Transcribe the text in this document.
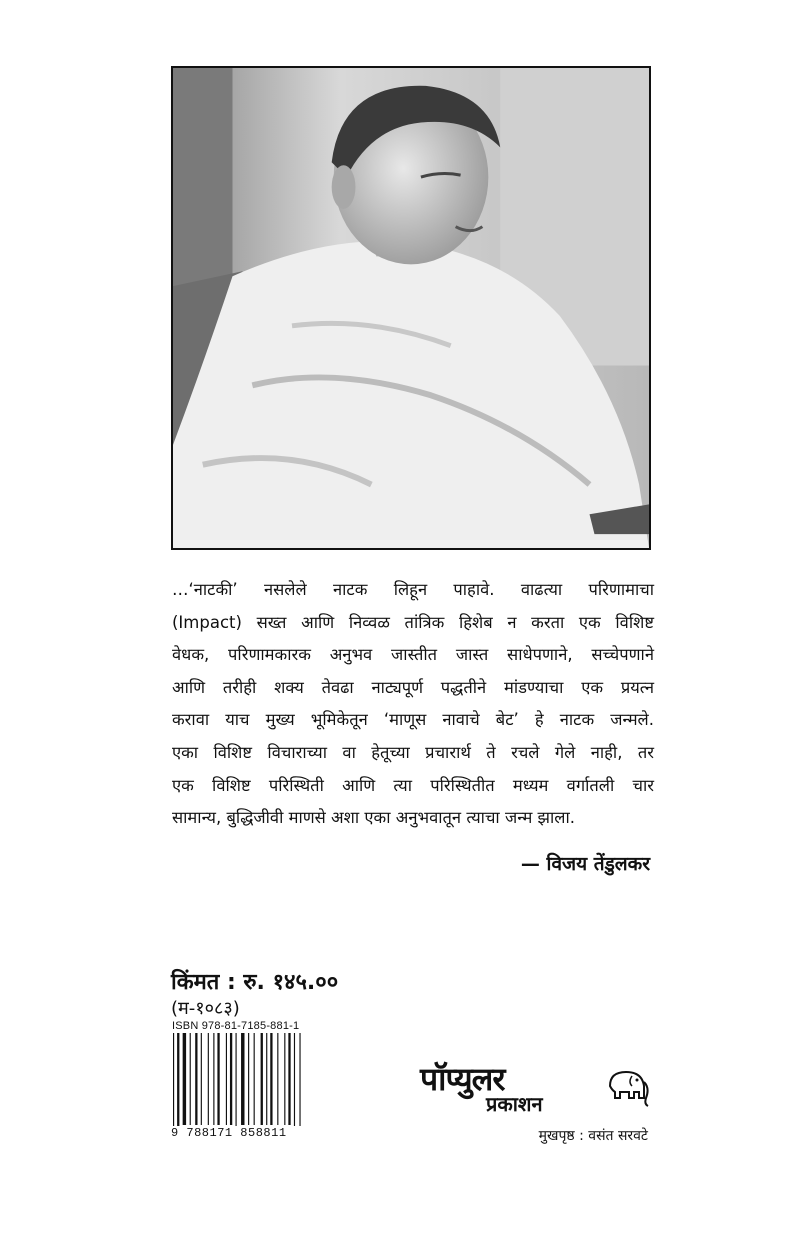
…‘नाटकी’ नसलेले नाटक लिहून पाहावे. वाढत्या परिणामाचा
(Impact) सख्त आणि निव्वळ तांत्रिक हिशेब न करता एक विशिष्ट
वेधक, परिणामकारक अनुभव जास्तीत जास्त साधेपणाने, सच्चेपणाने
आणि तरीही शक्य तेवढा नाट्यपूर्ण पद्धतीने मांडण्याचा एक प्रयत्न
करावा याच मुख्य भूमिकेतून ‘माणूस नावाचे बेट’ हे नाटक जन्मले.
एका विशिष्ट विचाराच्या वा हेतूच्या प्रचारार्थ ते रचले गेले नाही, तर
एक विशिष्ट परिस्थिती आणि त्या परिस्थितीत मध्यम वर्गातली चार
सामान्य, बुद्धिजीवी माणसे अशा एका अनुभवातून त्याचा जन्म झाला.
— विजय तेंडुलकर
किंमत : रु. १४५.००
(म-१०८३)
ISBN 978-81-7185-881-1
9 788171 858811
पॉप्युलर
प्रकाशन
मुखपृष्ठ : वसंत सरवटे
